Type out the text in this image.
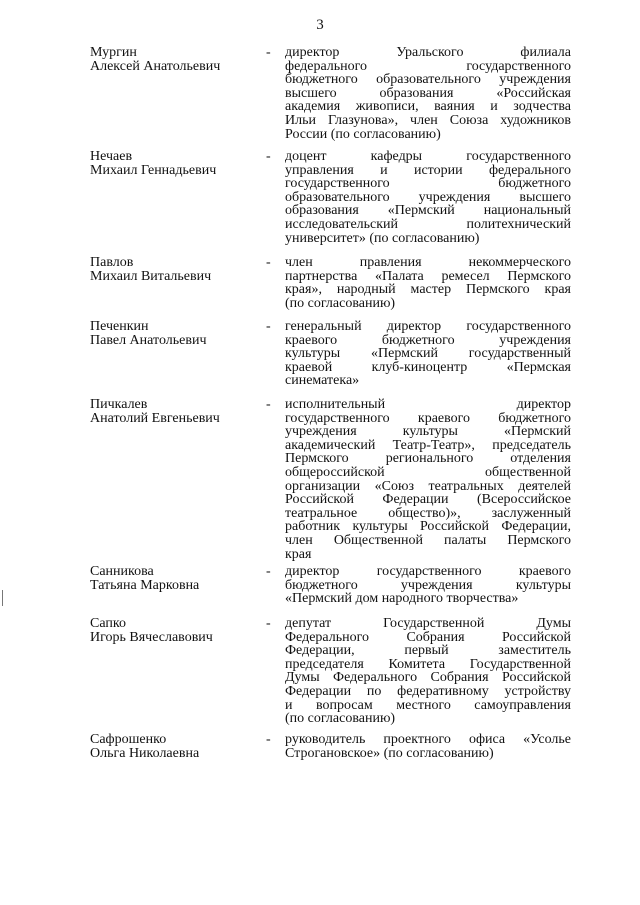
3
Мургин
Алексей Анатольевич
- директор Уральского филиала
федерального государственного
бюджетного образовательного учреждения
высшего образования «Российская
академия живописи, ваяния и зодчества
Ильи Глазунова», член Союза художников
России (по согласованию)
Нечаев
Михаил Геннадьевич
- доцент кафедры государственного
управления и истории федерального
государственного бюджетного
образовательного учреждения высшего
образования «Пермский национальный
исследовательский политехнический
университет» (по согласованию)
Павлов
Михаил Витальевич
- член правления некоммерческого
партнерства «Палата ремесел Пермского
края», народный мастер Пермского края
(по согласованию)
Печенкин
Павел Анатольевич
- генеральный директор государственного
краевого бюджетного учреждения
культуры «Пермский государственный
краевой клуб-киноцентр «Пермская
синематека»
Пичкалев
Анатолий Евгеньевич
- исполнительный директор
государственного краевого бюджетного
учреждения культуры «Пермский
академический Театр-Театр», председатель
Пермского регионального отделения
общероссийской общественной
организации «Союз театральных деятелей
Российской Федерации (Всероссийское
театральное общество)», заслуженный
работник культуры Российской Федерации,
член Общественной палаты Пермского
края
Санникова
Татьяна Марковна
- директор государственного краевого
бюджетного учреждения культуры
«Пермский дом народного творчества»
Сапко
Игорь Вячеславович
- депутат Государственной Думы
Федерального Собрания Российской
Федерации, первый заместитель
председателя Комитета Государственной
Думы Федерального Собрания Российской
Федерации по федеративному устройству
и вопросам местного самоуправления
(по согласованию)
Сафрошенко
Ольга Николаевна
- руководитель проектного офиса «Усолье
Строгановское» (по согласованию)
